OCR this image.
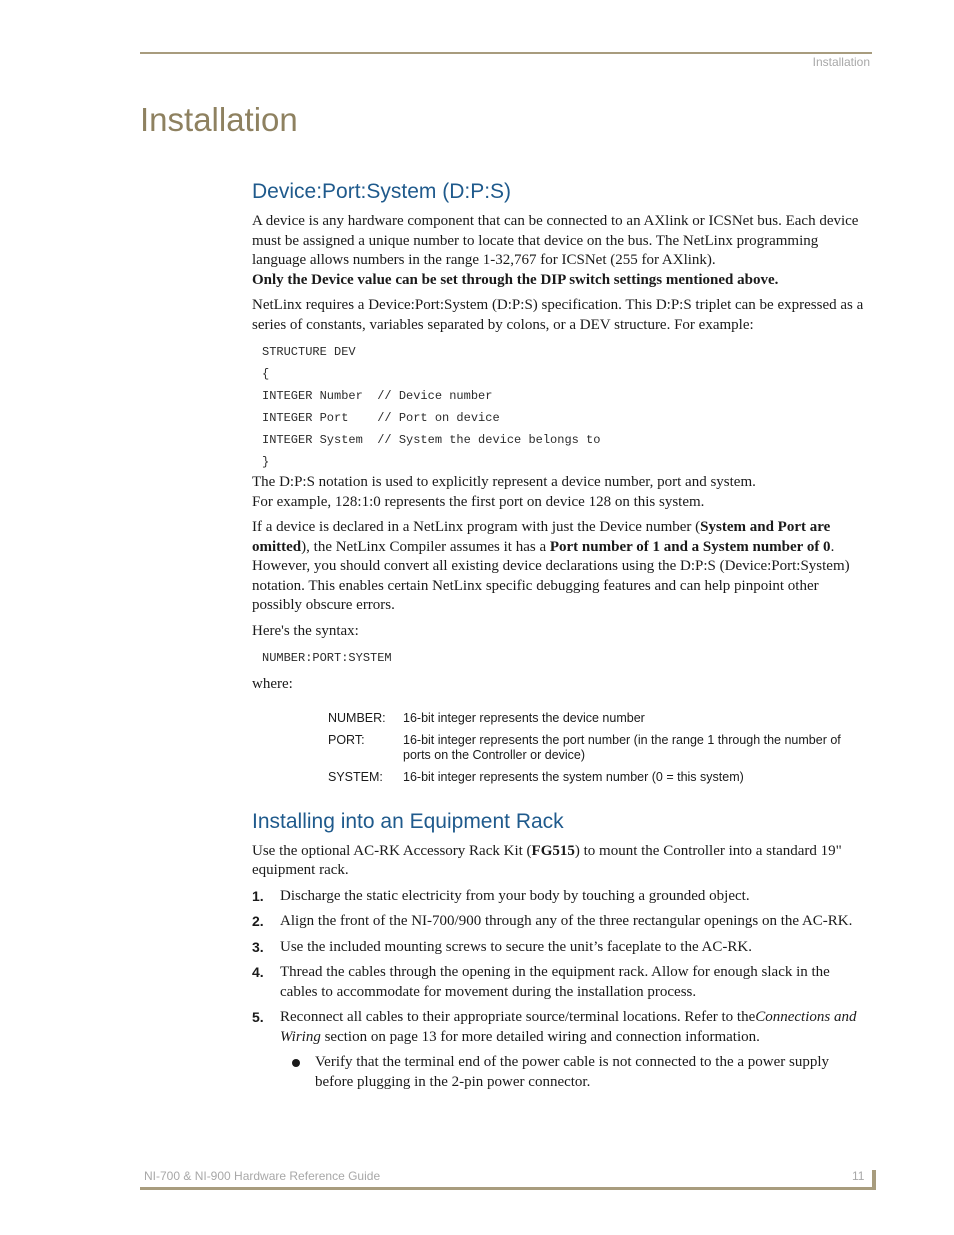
Installation
Installation
Device:Port:System (D:P:S)

A device is any hardware component that can be connected to an AXlink or ICSNet bus. Each device must be assigned a unique number to locate that device on the bus. The NetLinx programming language allows numbers in the range 1-32,767 for ICSNet (255 for AXlink).
Only the Device value can be set through the DIP switch settings mentioned above.

NetLinx requires a Device:Port:System (D:P:S) specification. This D:P:S triplet can be expressed as a series of constants, variables separated by colons, or a DEV structure. For example:

STRUCTURE DEV
{
INTEGER Number  // Device number
INTEGER Port    // Port on device
INTEGER System  // System the device belongs to
}

The D:P:S notation is used to explicitly represent a device number, port and system.
For example, 128:1:0 represents the first port on device 128 on this system.

If a device is declared in a NetLinx program with just the Device number (System and Port are omitted), the NetLinx Compiler assumes it has a Port number of 1 and a System number of 0. However, you should convert all existing device declarations using the D:P:S (Device:Port:System) notation. This enables certain NetLinx specific debugging features and can help pinpoint other possibly obscure errors.

Here's the syntax:

NUMBER:PORT:SYSTEM

where:

NUMBER:	16-bit integer represents the device number
PORT:	16-bit integer represents the port number (in the range 1 through the number of ports on the Controller or device)
SYSTEM:	16-bit integer represents the system number (0 = this system)
Installing into an Equipment Rack

Use the optional AC-RK Accessory Rack Kit (FG515) to mount the Controller into a standard 19" equipment rack.

1. Discharge the static electricity from your body by touching a grounded object.
2. Align the front of the NI-700/900 through any of the three rectangular openings on the AC-RK.
3. Use the included mounting screws to secure the unit’s faceplate to the AC-RK.
4. Thread the cables through the opening in the equipment rack. Allow for enough slack in the cables to accommodate for movement during the installation process.
5. Reconnect all cables to their appropriate source/terminal locations. Refer to theConnections and Wiring section on page 13 for more detailed wiring and connection information.
Verify that the terminal end of the power cable is not connected to the a power supply before plugging in the 2-pin power connector.
NI-700 & NI-900 Hardware Reference Guide	11
